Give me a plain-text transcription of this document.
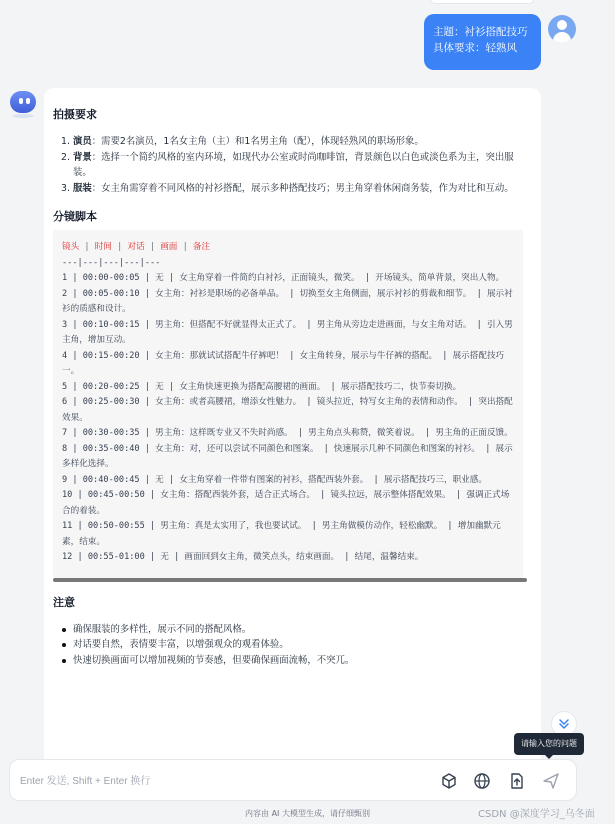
主题：衬衫搭配技巧
具体要求：轻熟风
拍摄要求
1. 演员：需要2名演员，1名女主角（主）和1名男主角（配），体现轻熟风的职场形象。
2. 背景：选择一个简约风格的室内环境，如现代办公室或时尚咖啡馆，背景颜色以白色或淡色系为主，突出服装。
3. 服装：女主角需穿着不同风格的衬衫搭配，展示多种搭配技巧；男主角穿着休闲商务装，作为对比和互动。
分镜脚本
镜头 | 时间 | 对话 | 画面 | 备注
---|---|---|---|---
1 | 00:00-00:05 | 无 | 女主角穿着一件简约白衬衫，正面镜头，微笑。 | 开场镜头，简单背景，突出人物。
2 | 00:05-00:10 | 女主角：衬衫是职场的必备单品。 | 切换至女主角侧面，展示衬衫的剪裁和细节。 | 展示衬衫的质感和设计。
3 | 00:10-00:15 | 男主角：但搭配不好就显得太正式了。 | 男主角从旁边走进画面，与女主角对话。 | 引入男主角，增加互动。
4 | 00:15-00:20 | 女主角：那就试试搭配牛仔裤吧！ | 女主角转身，展示与牛仔裤的搭配。 | 展示搭配技巧一。
5 | 00:20-00:25 | 无 | 女主角快速更换为搭配高腰裙的画面。 | 展示搭配技巧二，快节奏切换。
6 | 00:25-00:30 | 女主角：或者高腰裙，增添女性魅力。 | 镜头拉近，特写女主角的表情和动作。 | 突出搭配效果。
7 | 00:30-00:35 | 男主角：这样既专业又不失时尚感。 | 男主角点头称赞，微笑着说。 | 男主角的正面反馈。
8 | 00:35-00:40 | 女主角：对，还可以尝试不同颜色和图案。 | 快速展示几种不同颜色和图案的衬衫。 | 展示多样化选择。
9 | 00:40-00:45 | 无 | 女主角穿着一件带有图案的衬衫，搭配西装外套。 | 展示搭配技巧三，职业感。
10 | 00:45-00:50 | 女主角：搭配西装外套，适合正式场合。 | 镜头拉远，展示整体搭配效果。 | 强调正式场合的着装。
11 | 00:50-00:55 | 男主角：真是太实用了，我也要试试。 | 男主角做模仿动作，轻松幽默。 | 增加幽默元素，结束。
12 | 00:55-01:00 | 无 | 画面回到女主角，微笑点头，结束画面。 | 结尾，温馨结束。
注意
确保服装的多样性，展示不同的搭配风格。
对话要自然，表情要丰富，以增强观众的观看体验。
快速切换画面可以增加视频的节奏感，但要确保画面流畅，不突兀。
请输入您的问题
Enter 发送, Shift + Enter 换行
内容由 AI 大模型生成，请仔细甄别	CSDN @深度学习_乌冬面
